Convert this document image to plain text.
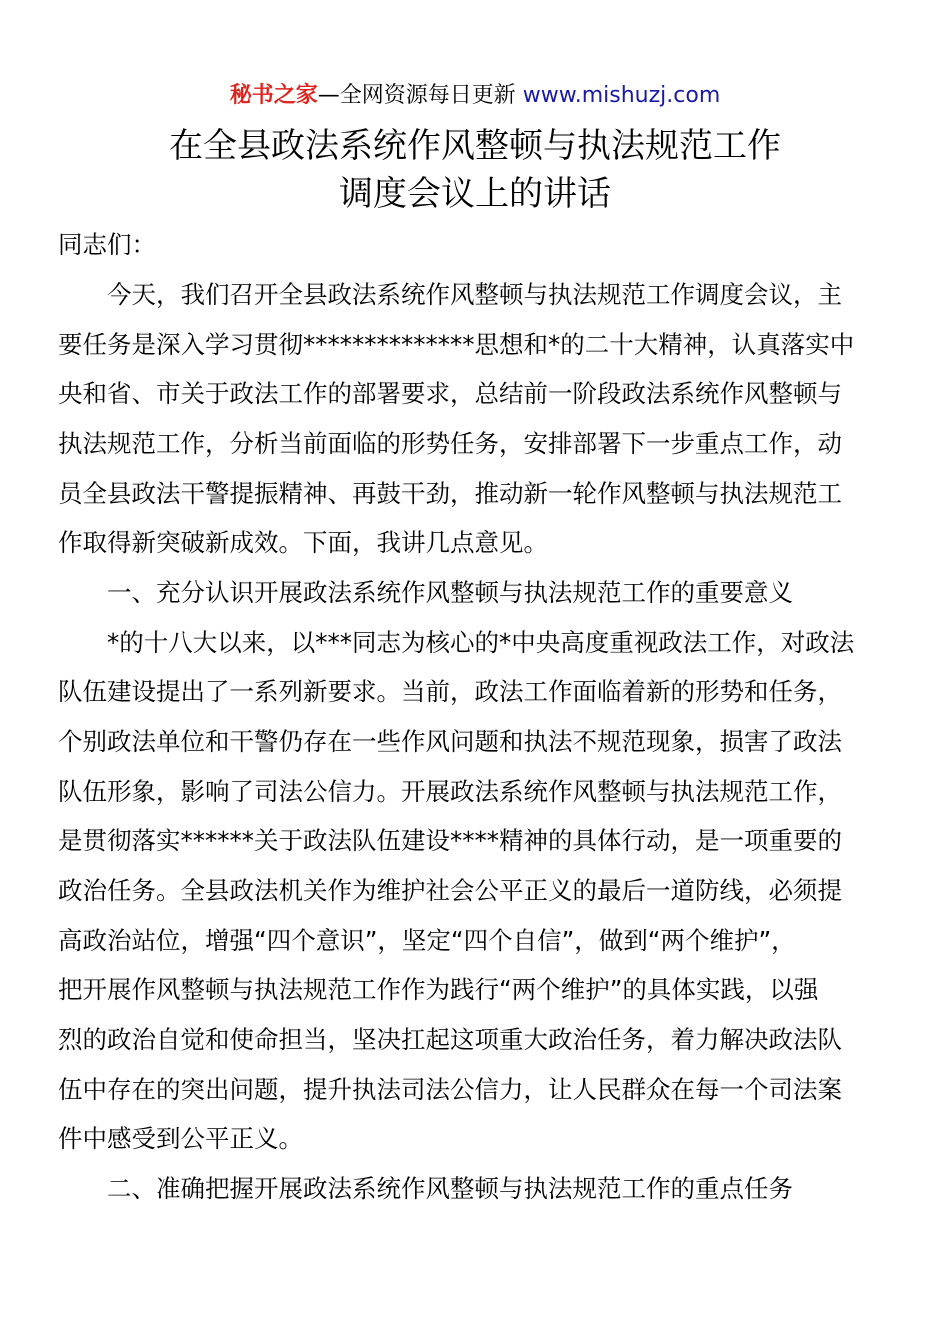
秘书之家—全网资源每日更新 www.mishuzj.com
在全县政法系统作风整顿与执法规范工作
调度会议上的讲话
同志们：
　　今天，我们召开全县政法系统作风整顿与执法规范工作调度会议，主
要任务是深入学习贯彻**************思想和*的二十大精神，认真落实中
央和省、市关于政法工作的部署要求，总结前一阶段政法系统作风整顿与
执法规范工作，分析当前面临的形势任务，安排部署下一步重点工作，动
员全县政法干警提振精神、再鼓干劲，推动新一轮作风整顿与执法规范工
作取得新突破新成效。下面，我讲几点意见。
　　一、充分认识开展政法系统作风整顿与执法规范工作的重要意义
　　*的十八大以来，以***同志为核心的*中央高度重视政法工作，对政法
队伍建设提出了一系列新要求。当前，政法工作面临着新的形势和任务，
个别政法单位和干警仍存在一些作风问题和执法不规范现象，损害了政法
队伍形象，影响了司法公信力。开展政法系统作风整顿与执法规范工作，
是贯彻落实******关于政法队伍建设****精神的具体行动，是一项重要的
政治任务。全县政法机关作为维护社会公平正义的最后一道防线，必须提
高政治站位，增强“四个意识”，坚定“四个自信”，做到“两个维护”，
把开展作风整顿与执法规范工作作为践行“两个维护”的具体实践，以强
烈的政治自觉和使命担当，坚决扛起这项重大政治任务，着力解决政法队
伍中存在的突出问题，提升执法司法公信力，让人民群众在每一个司法案
件中感受到公平正义。
　　二、准确把握开展政法系统作风整顿与执法规范工作的重点任务
